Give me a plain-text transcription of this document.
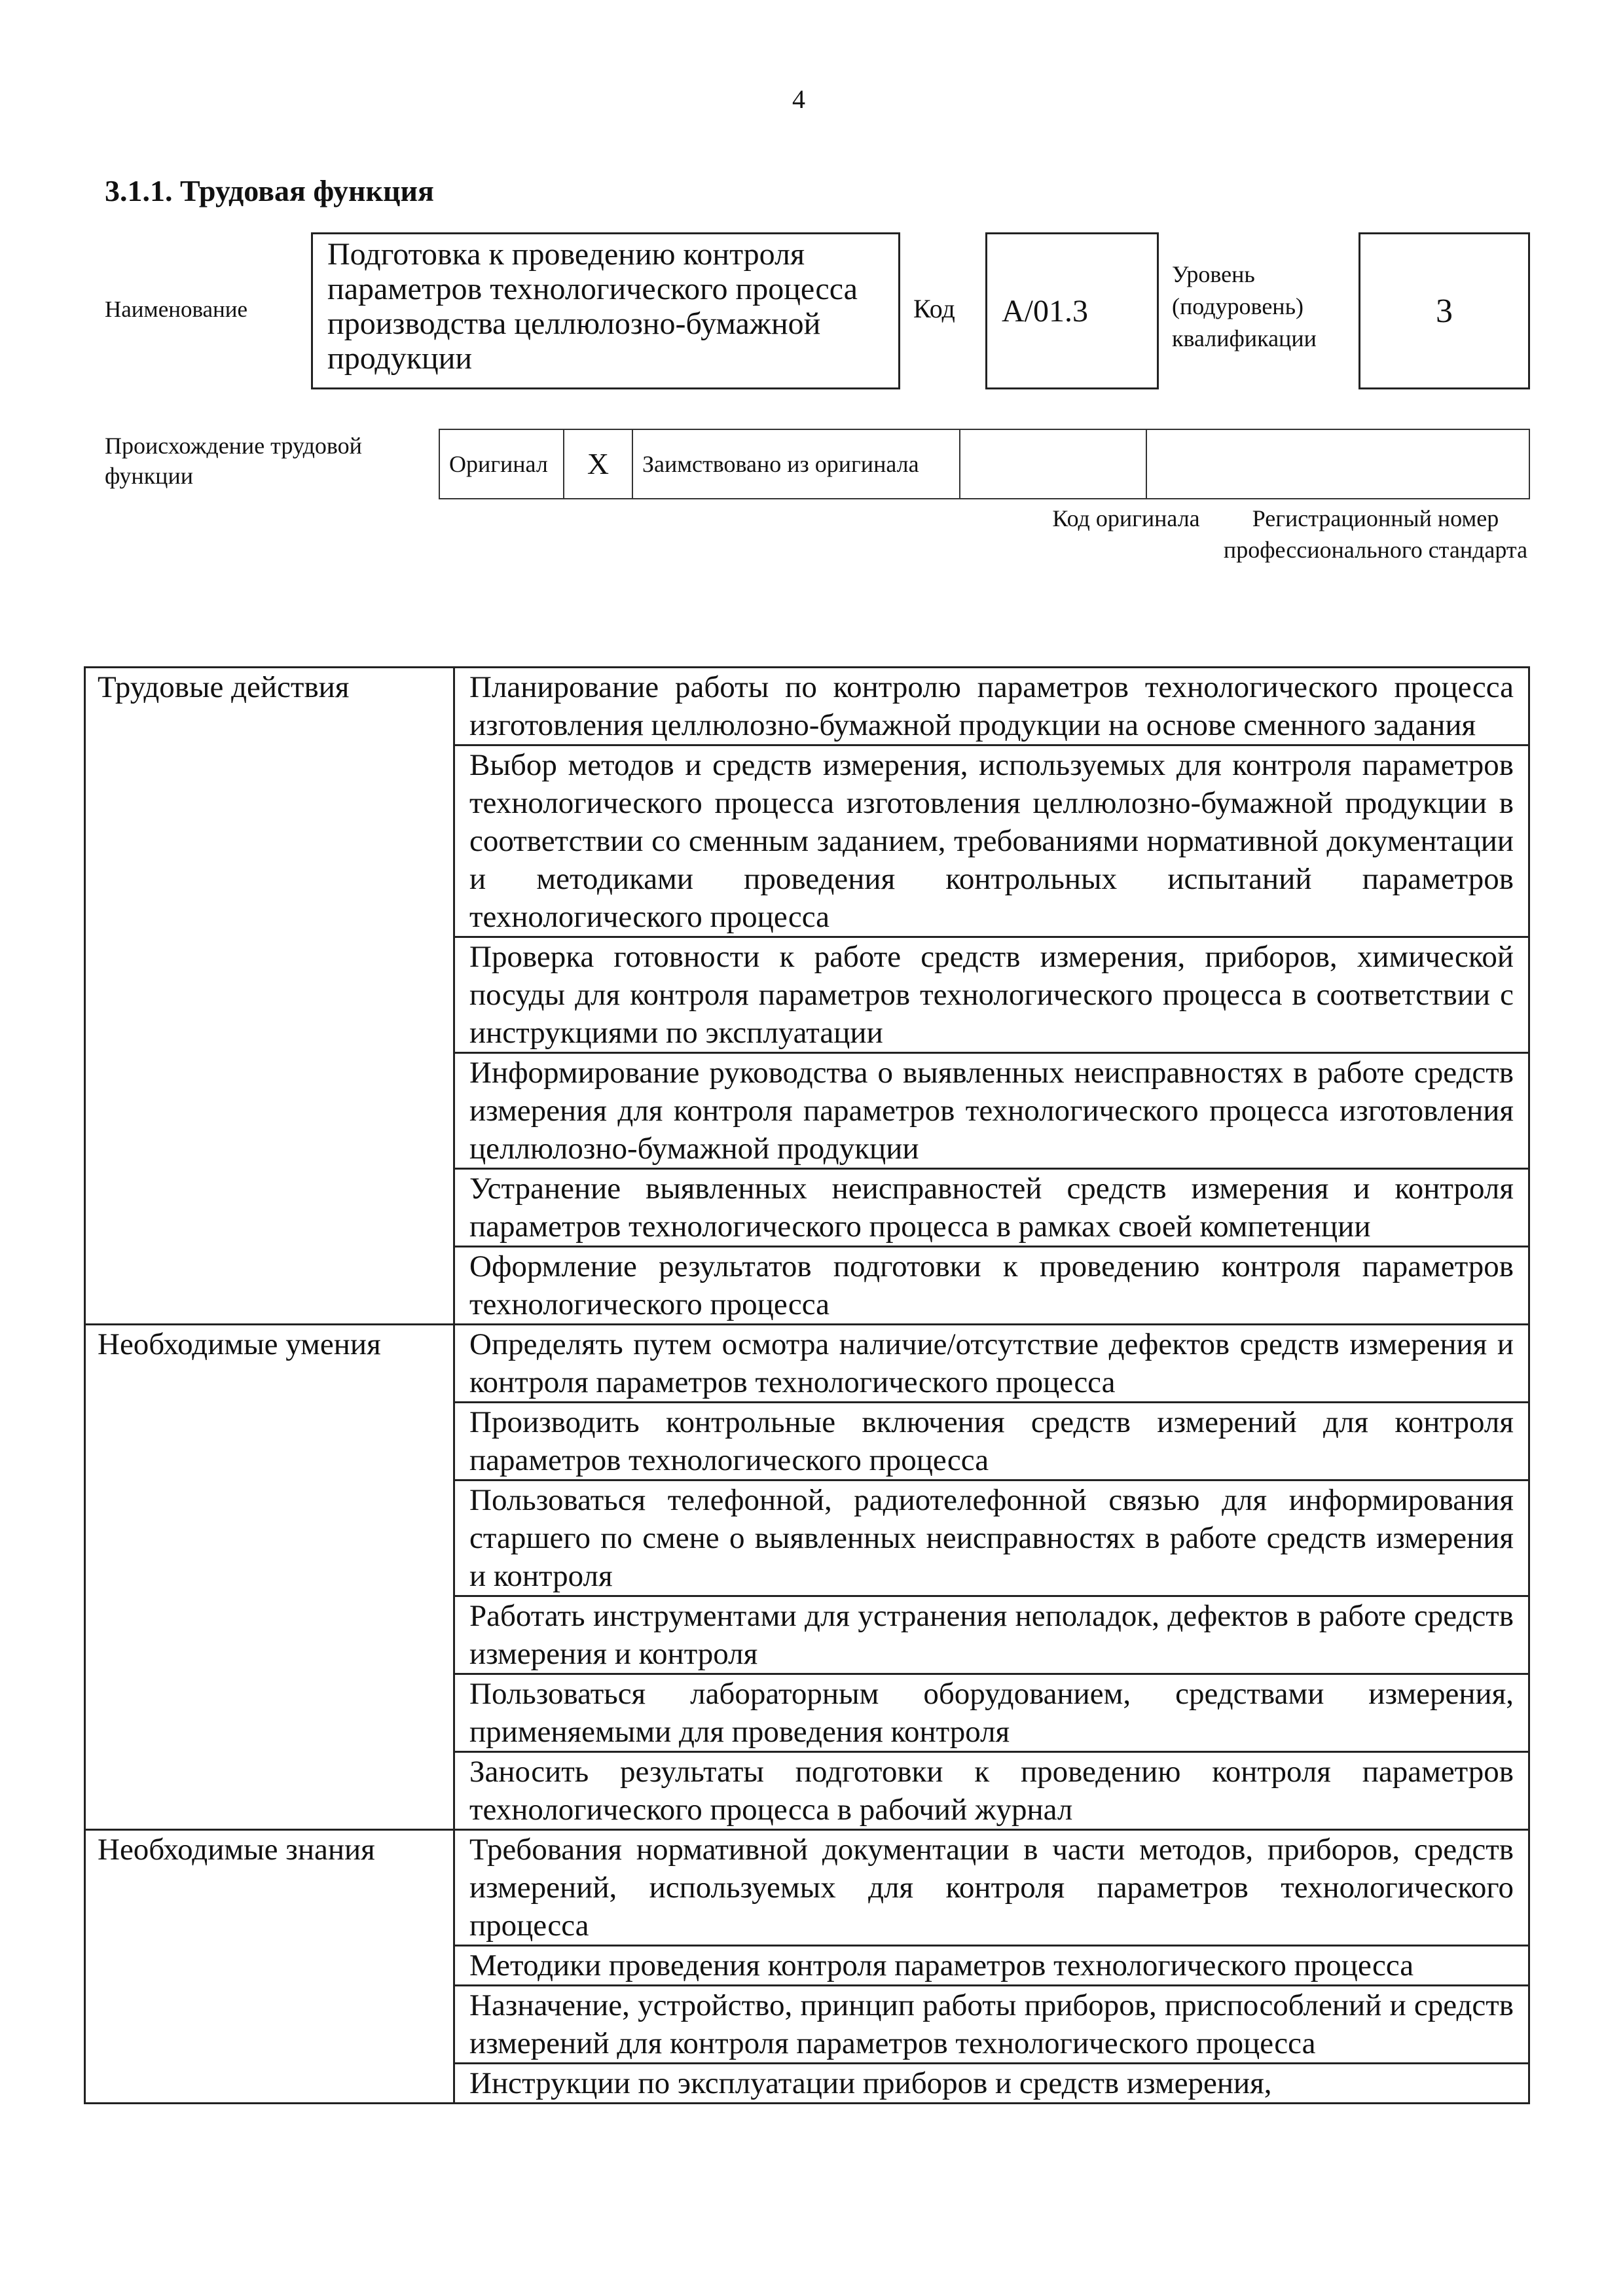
4
3.1.1. Трудовая функция
Наименование
Подготовка к проведению контроля параметров технологического процесса производства целлюлозно-бумажной продукции
Код A/01.3
Уровень (подуровень) квалификации
3
Происхождение трудовой функции	Оригинал	X	Заимствовано из оригинала		
Код оригинала	Регистрационный номер профессионального стандарта
Трудовые действия	Планирование работы по контролю параметров технологического процесса изготовления целлюлозно-бумажной продукции на основе сменного задания
	Выбор методов и средств измерения, используемых для контроля параметров технологического процесса изготовления целлюлозно-бумажной продукции в соответствии со сменным заданием, требованиями нормативной документации и методиками проведения контрольных испытаний параметров технологического процесса
	Проверка готовности к работе средств измерения, приборов, химической посуды для контроля параметров технологического процесса в соответствии с инструкциями по эксплуатации
	Информирование руководства о выявленных неисправностях в работе средств измерения для контроля параметров технологического процесса изготовления целлюлозно-бумажной продукции
	Устранение выявленных неисправностей средств измерения и контроля параметров технологического процесса в рамках своей компетенции
	Оформление результатов подготовки к проведению контроля параметров технологического процесса
Необходимые умения	Определять путем осмотра наличие/отсутствие дефектов средств измерения и контроля параметров технологического процесса
	Производить контрольные включения средств измерений для контроля параметров технологического процесса
	Пользоваться телефонной, радиотелефонной связью для информирования старшего по смене о выявленных неисправностях в работе средств измерения и контроля
	Работать инструментами для устранения неполадок, дефектов в работе средств измерения и контроля
	Пользоваться лабораторным оборудованием, средствами измерения, применяемыми для проведения контроля
	Заносить результаты подготовки к проведению контроля параметров технологического процесса в рабочий журнал
Необходимые знания	Требования нормативной документации в части методов, приборов, средств измерений, используемых для контроля параметров технологического процесса
	Методики проведения контроля параметров технологического процесса
	Назначение, устройство, принцип работы приборов, приспособлений и средств измерений для контроля параметров технологического процесса
	Инструкции по эксплуатации приборов и средств измерения,
